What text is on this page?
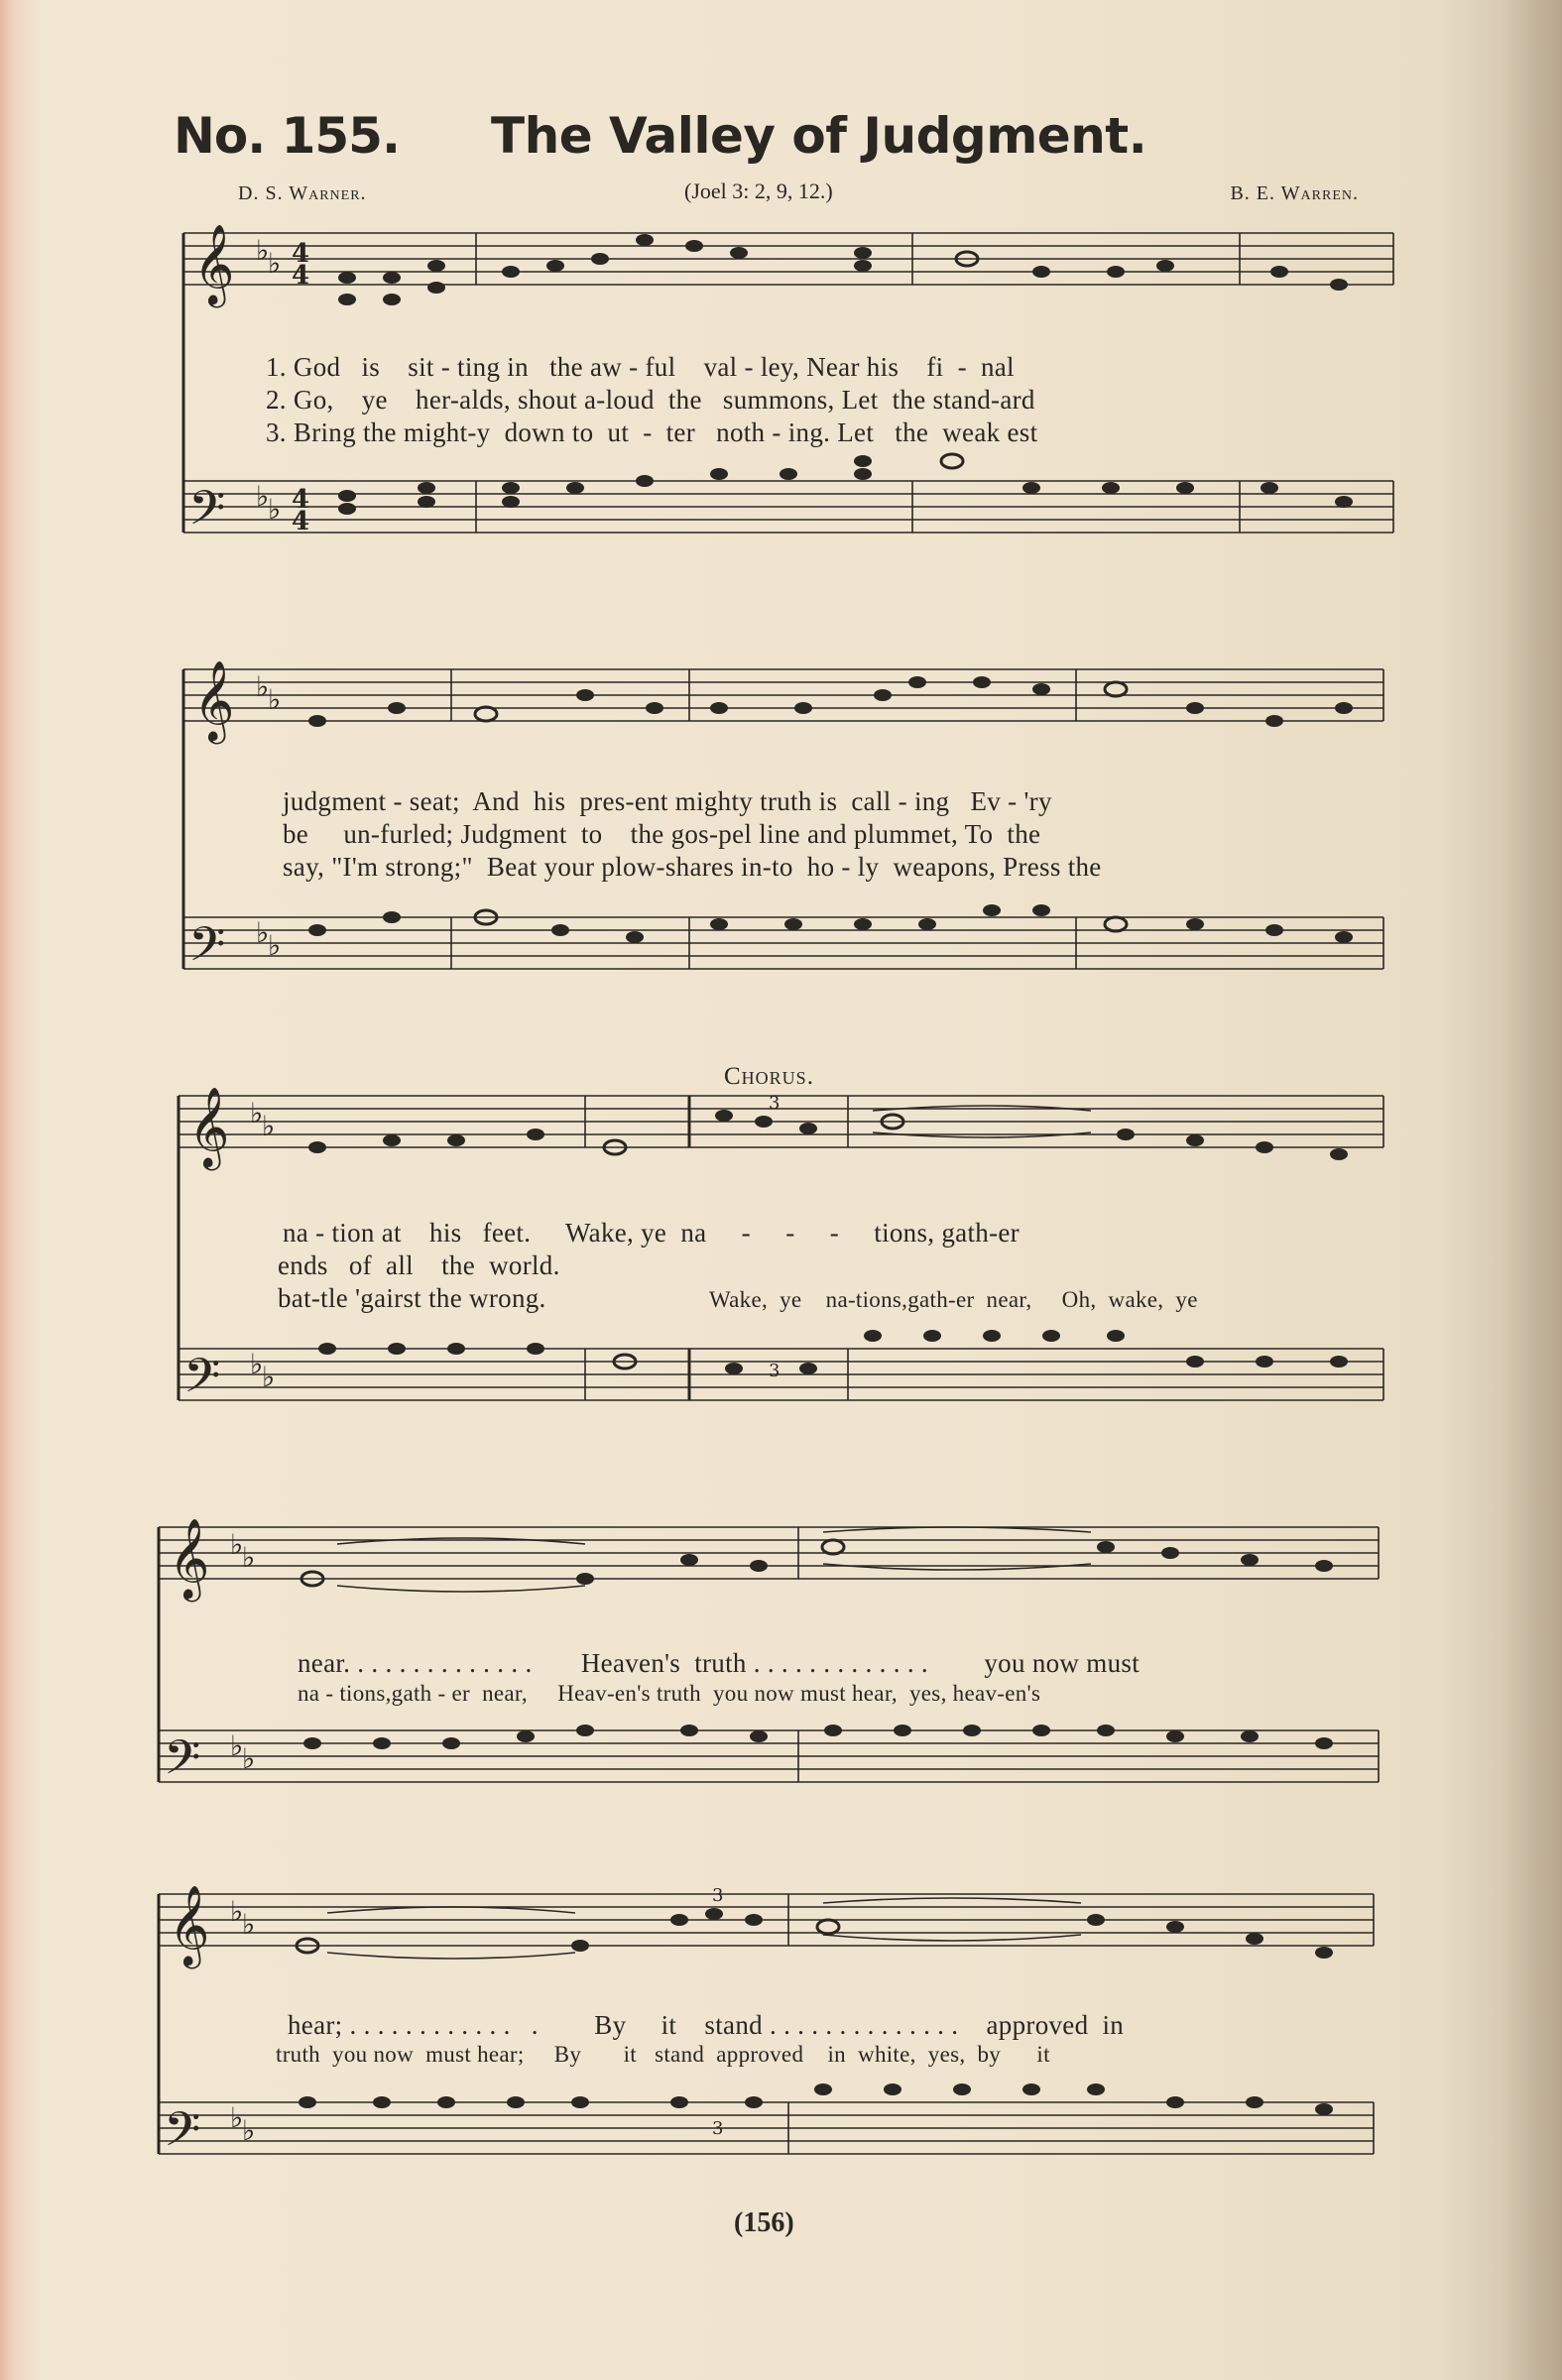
No. 155. The Valley of Judgment.
D. S. Warner.	(Joel 3: 2, 9, 12.)	B. E. Warren.
𝄞
𝄢
♭
♭
♭
♭
4
4
4
4
1. God   is    sit - ting in   the aw - ful    val - ley, Near his    fi  -  nal
2. Go,    ye    her-alds, shout a-loud  the   summons, Let  the stand-ard
3. Bring the might-y  down to  ut  -  ter   noth - ing. Let   the  weak est
𝄞
𝄢
♭
♭
♭
♭
judgment - seat;  And  his  pres-ent mighty truth is  call - ing   Ev - 'ry
be     un-furled; Judgment  to    the gos-pel line and plummet, To  the
say, "I'm strong;"  Beat your plow-shares in-to  ho - ly  weapons, Press the
Chorus.
𝄞
𝄢
♭
♭
♭
♭
3
3
na - tion at    his   feet.     Wake, ye  na     -     -     -     tions, gath-er
ends   of  all    the  world.
bat-tle 'gairst the wrong.	Wake,  ye    na-tions,gath-er  near,     Oh,  wake,  ye
𝄞
𝄢
♭
♭
♭
♭
near. . . . . . . . . . . . . .       Heaven's  truth . . . . . . . . . . . . .        you now must
na - tions,gath - er  near,     Heav-en's truth  you now must hear,  yes, heav-en's
𝄞
𝄢
♭
♭
♭
♭
3
3
hear; . . . . . . . . . . . .   .        By     it    stand . . . . . . . . . . . . . .    approved  in
truth  you now  must hear;     By       it   stand  approved    in  white,  yes,  by      it
(156)
